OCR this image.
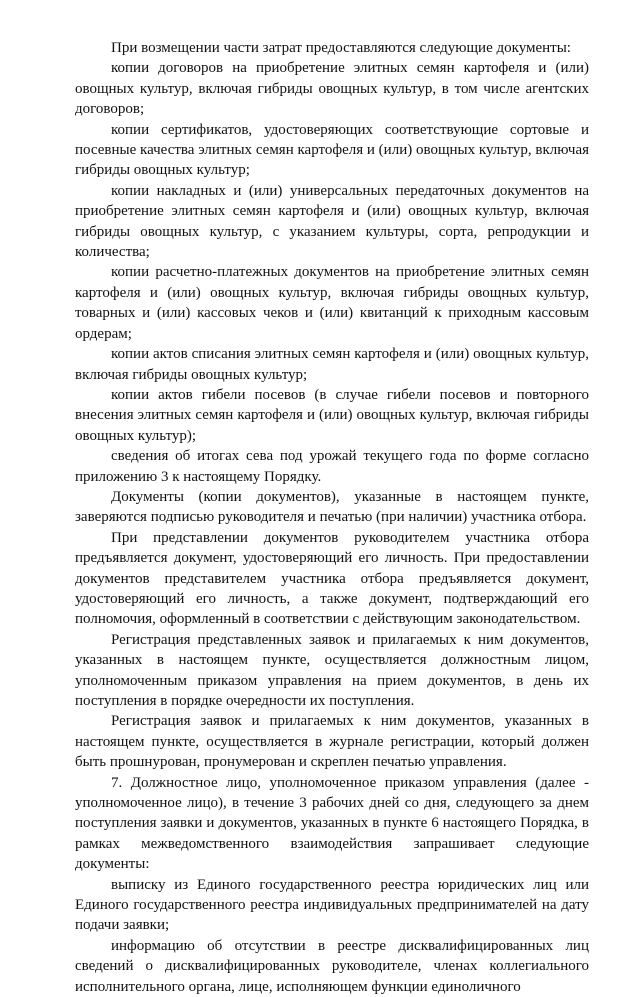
При возмещении части затрат предоставляются следующие документы:

копии договоров на приобретение элитных семян картофеля и (или) овощных культур, включая гибриды овощных культур, в том числе агентских договоров;

копии сертификатов, удостоверяющих соответствующие сортовые и посевные качества элитных семян картофеля и (или) овощных культур, включая гибриды овощных культур;

копии накладных и (или) универсальных передаточных документов на приобретение элитных семян картофеля и (или) овощных культур, включая гибриды овощных культур, с указанием культуры, сорта, репродукции и количества;

копии расчетно-платежных документов на приобретение элитных семян картофеля и (или) овощных культур, включая гибриды овощных культур, товарных и (или) кассовых чеков и (или) квитанций к приходным кассовым ордерам;

копии актов списания элитных семян картофеля и (или) овощных культур, включая гибриды овощных культур;

копии актов гибели посевов (в случае гибели посевов и повторного внесения элитных семян картофеля и (или) овощных культур, включая гибриды овощных культур);

сведения об итогах сева под урожай текущего года по форме согласно приложению 3 к настоящему Порядку.

Документы (копии документов), указанные в настоящем пункте, заверяются подписью руководителя и печатью (при наличии) участника отбора.

При представлении документов руководителем участника отбора предъявляется документ, удостоверяющий его личность. При предоставлении документов представителем участника отбора предъявляется документ, удостоверяющий его личность, а также документ, подтверждающий его полномочия, оформленный в соответствии с действующим законодательством.

Регистрация представленных заявок и прилагаемых к ним документов, указанных в настоящем пункте, осуществляется должностным лицом, уполномоченным приказом управления на прием документов, в день их поступления в порядке очередности их поступления.

Регистрация заявок и прилагаемых к ним документов, указанных в настоящем пункте, осуществляется в журнале регистрации, который должен быть прошнурован, пронумерован и скреплен печатью управления.

7. Должностное лицо, уполномоченное приказом управления (далее - уполномоченное лицо), в течение 3 рабочих дней со дня, следующего за днем поступления заявки и документов, указанных в пункте 6 настоящего Порядка, в рамках межведомственного взаимодействия запрашивает следующие документы:

выписку из Единого государственного реестра юридических лиц или Единого государственного реестра индивидуальных предпринимателей на дату подачи заявки;

информацию об отсутствии в реестре дисквалифицированных лиц сведений о дисквалифицированных руководителе, членах коллегиального исполнительного органа, лице, исполняющем функции единоличного
